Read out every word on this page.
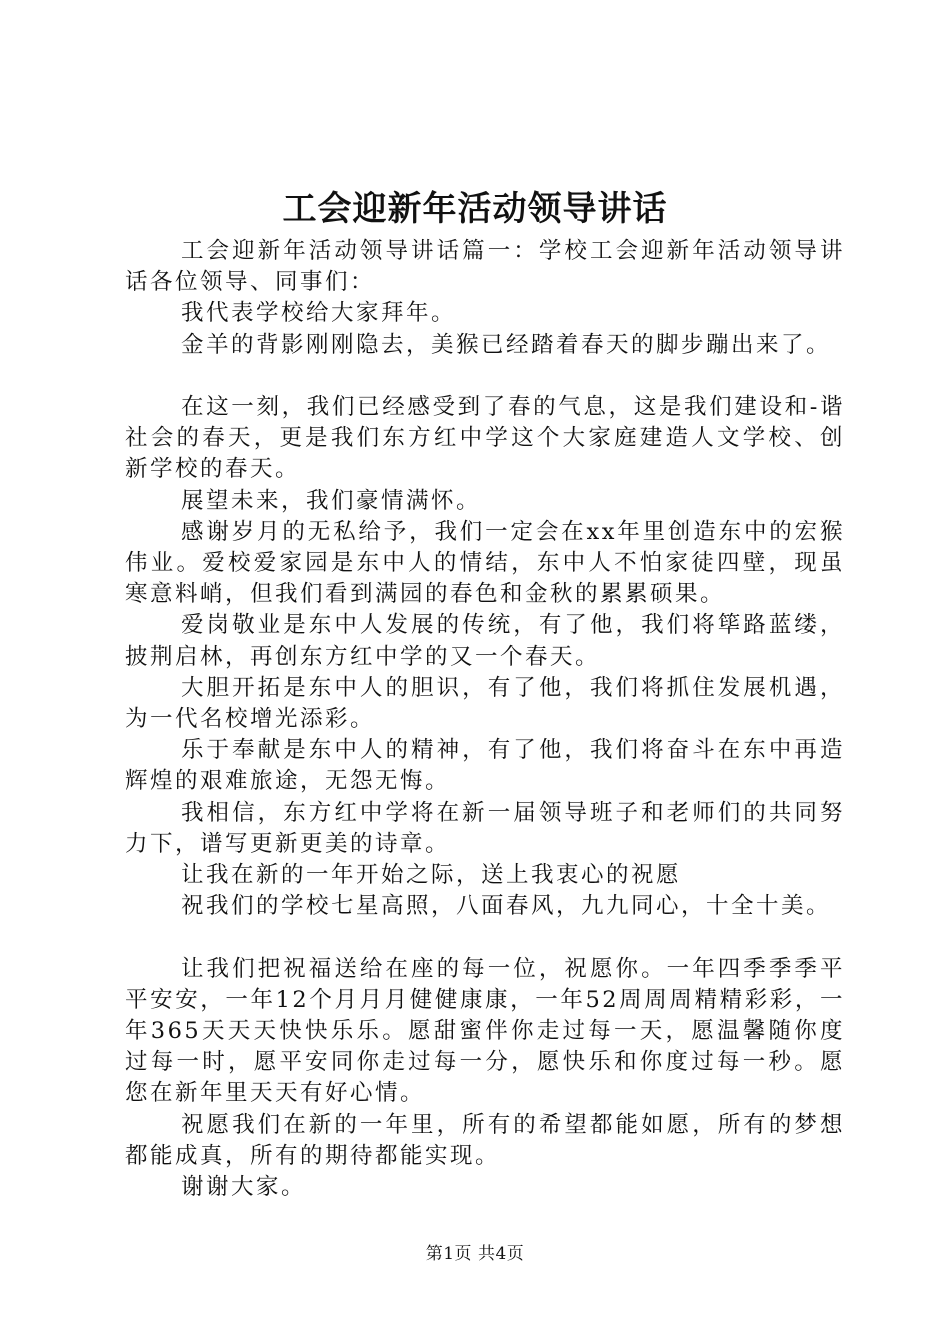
工会迎新年活动领导讲话

工会迎新年活动领导讲话篇一：学校工会迎新年活动领导讲话各位领导、同事们：

我代表学校给大家拜年。

金羊的背影刚刚隐去，美猴已经踏着春天的脚步蹦出来了。

在这一刻，我们已经感受到了春的气息，这是我们建设和-谐社会的春天，更是我们东方红中学这个大家庭建造人文学校、创新学校的春天。

展望未来，我们豪情满怀。

感谢岁月的无私给予，我们一定会在xx年里创造东中的宏猴伟业。爱校爱家园是东中人的情结，东中人不怕家徒四壁，现虽寒意料峭，但我们看到满园的春色和金秋的累累硕果。

爱岗敬业是东中人发展的传统，有了他，我们将筚路蓝缕，披荆启林，再创东方红中学的又一个春天。

大胆开拓是东中人的胆识，有了他，我们将抓住发展机遇，为一代名校增光添彩。

乐于奉献是东中人的精神，有了他，我们将奋斗在东中再造辉煌的艰难旅途，无怨无悔。

我相信，东方红中学将在新一届领导班子和老师们的共同努力下，谱写更新更美的诗章。

让我在新的一年开始之际，送上我衷心的祝愿

祝我们的学校七星高照，八面春风，九九同心，十全十美。

让我们把祝福送给在座的每一位，祝愿你。一年四季季季平平安安，一年12个月月月健健康康，一年52周周周精精彩彩，一年365天天天快快乐乐。愿甜蜜伴你走过每一天，愿温馨随你度过每一时，愿平安同你走过每一分，愿快乐和你度过每一秒。愿您在新年里天天有好心情。

祝愿我们在新的一年里，所有的希望都能如愿，所有的梦想都能成真，所有的期待都能实现。

谢谢大家。

第1页 共4页
